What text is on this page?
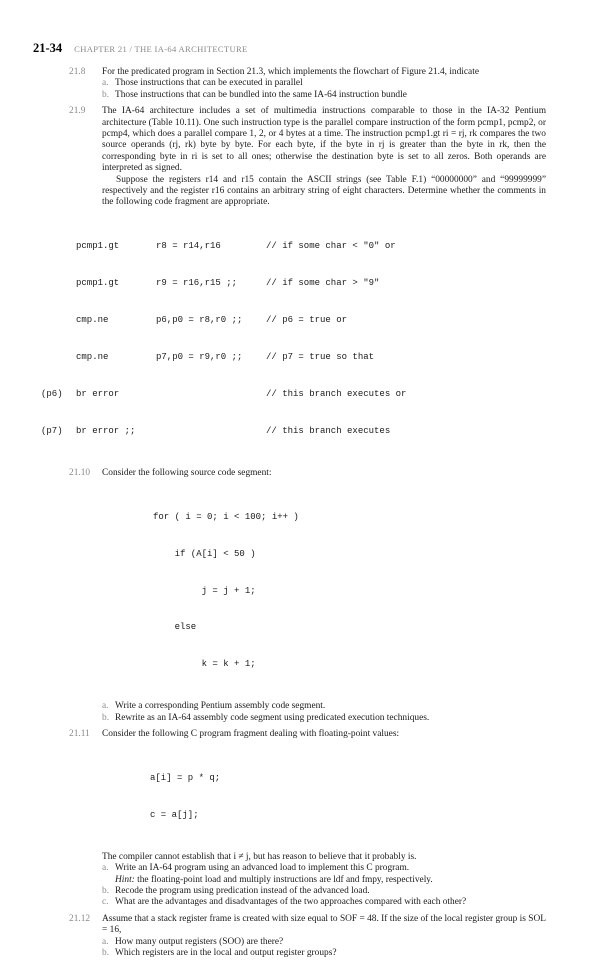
21-34 CHAPTER 21 / THE IA-64 ARCHITECTURE
21.8 For the predicated program in Section 21.3, which implements the flowchart of Figure 21.4, indicate

a. Those instructions that can be executed in parallel
b. Those instructions that can be bundled into the same IA-64 instruction bundle
21.9 The IA-64 architecture includes a set of multimedia instructions comparable to those in the IA-32 Pentium architecture (Table 10.11). One such instruction type is the parallel compare instruction of the form pcmp1, pcmp2, or pcmp4, which does a parallel compare 1, 2, or 4 bytes at a time. The instruction pcmp1.gt ri = rj, rk compares the two source operands (rj, rk) byte by byte. For each byte, if the byte in rj is greater than the byte in rk, then the corresponding byte in ri is set to all ones; otherwise the destination byte is set to all zeros. Both operands are interpreted as signed.

Suppose the registers r14 and r15 contain the ASCII strings (see Table F.1) “00000000” and “99999999” respectively and the register r16 contains an arbitrary string of eight characters. Determine whether the comments in the following code fragment are appropriate.

pcmp1.gt	r8 = r14,r16	// if some char < "0" or

pcmp1.gt	r9 = r16,r15 ;;	// if some char > "9"

cmp.ne	p6,p0 = r8,r0 ;;	// p6 = true or

cmp.ne	p7,p0 = r9,r0 ;;	// p7 = true so that

(p6) br error	// this branch executes or

(p7) br error ;;	// this branch executes

21.10 Consider the following source code segment:

for ( i = 0; i < 100; i++ )

if (A[i] < 50 )

j = j + 1;

else

k = k + 1;

a. Write a corresponding Pentium assembly code segment.
b. Rewrite as an IA-64 assembly code segment using predicated execution techniques.
21.11 Consider the following C program fragment dealing with floating-point values:

a[i] = p * q;

c = a[j];

The compiler cannot establish that i ≠ j, but has reason to believe that it probably is.

a. Write an IA-64 program using an advanced load to implement this C program.
Hint: the floating-point load and multiply instructions are ldf and fmpy, respectively.
b. Recode the program using predication instead of the advanced load.
c. What are the advantages and disadvantages of the two approaches compared with each other?
21.12 Assume that a stack register frame is created with size equal to SOF = 48. If the size of the local register group is SOL = 16,

a. How many output registers (SOO) are there?
b. Which registers are in the local and output register groups?
